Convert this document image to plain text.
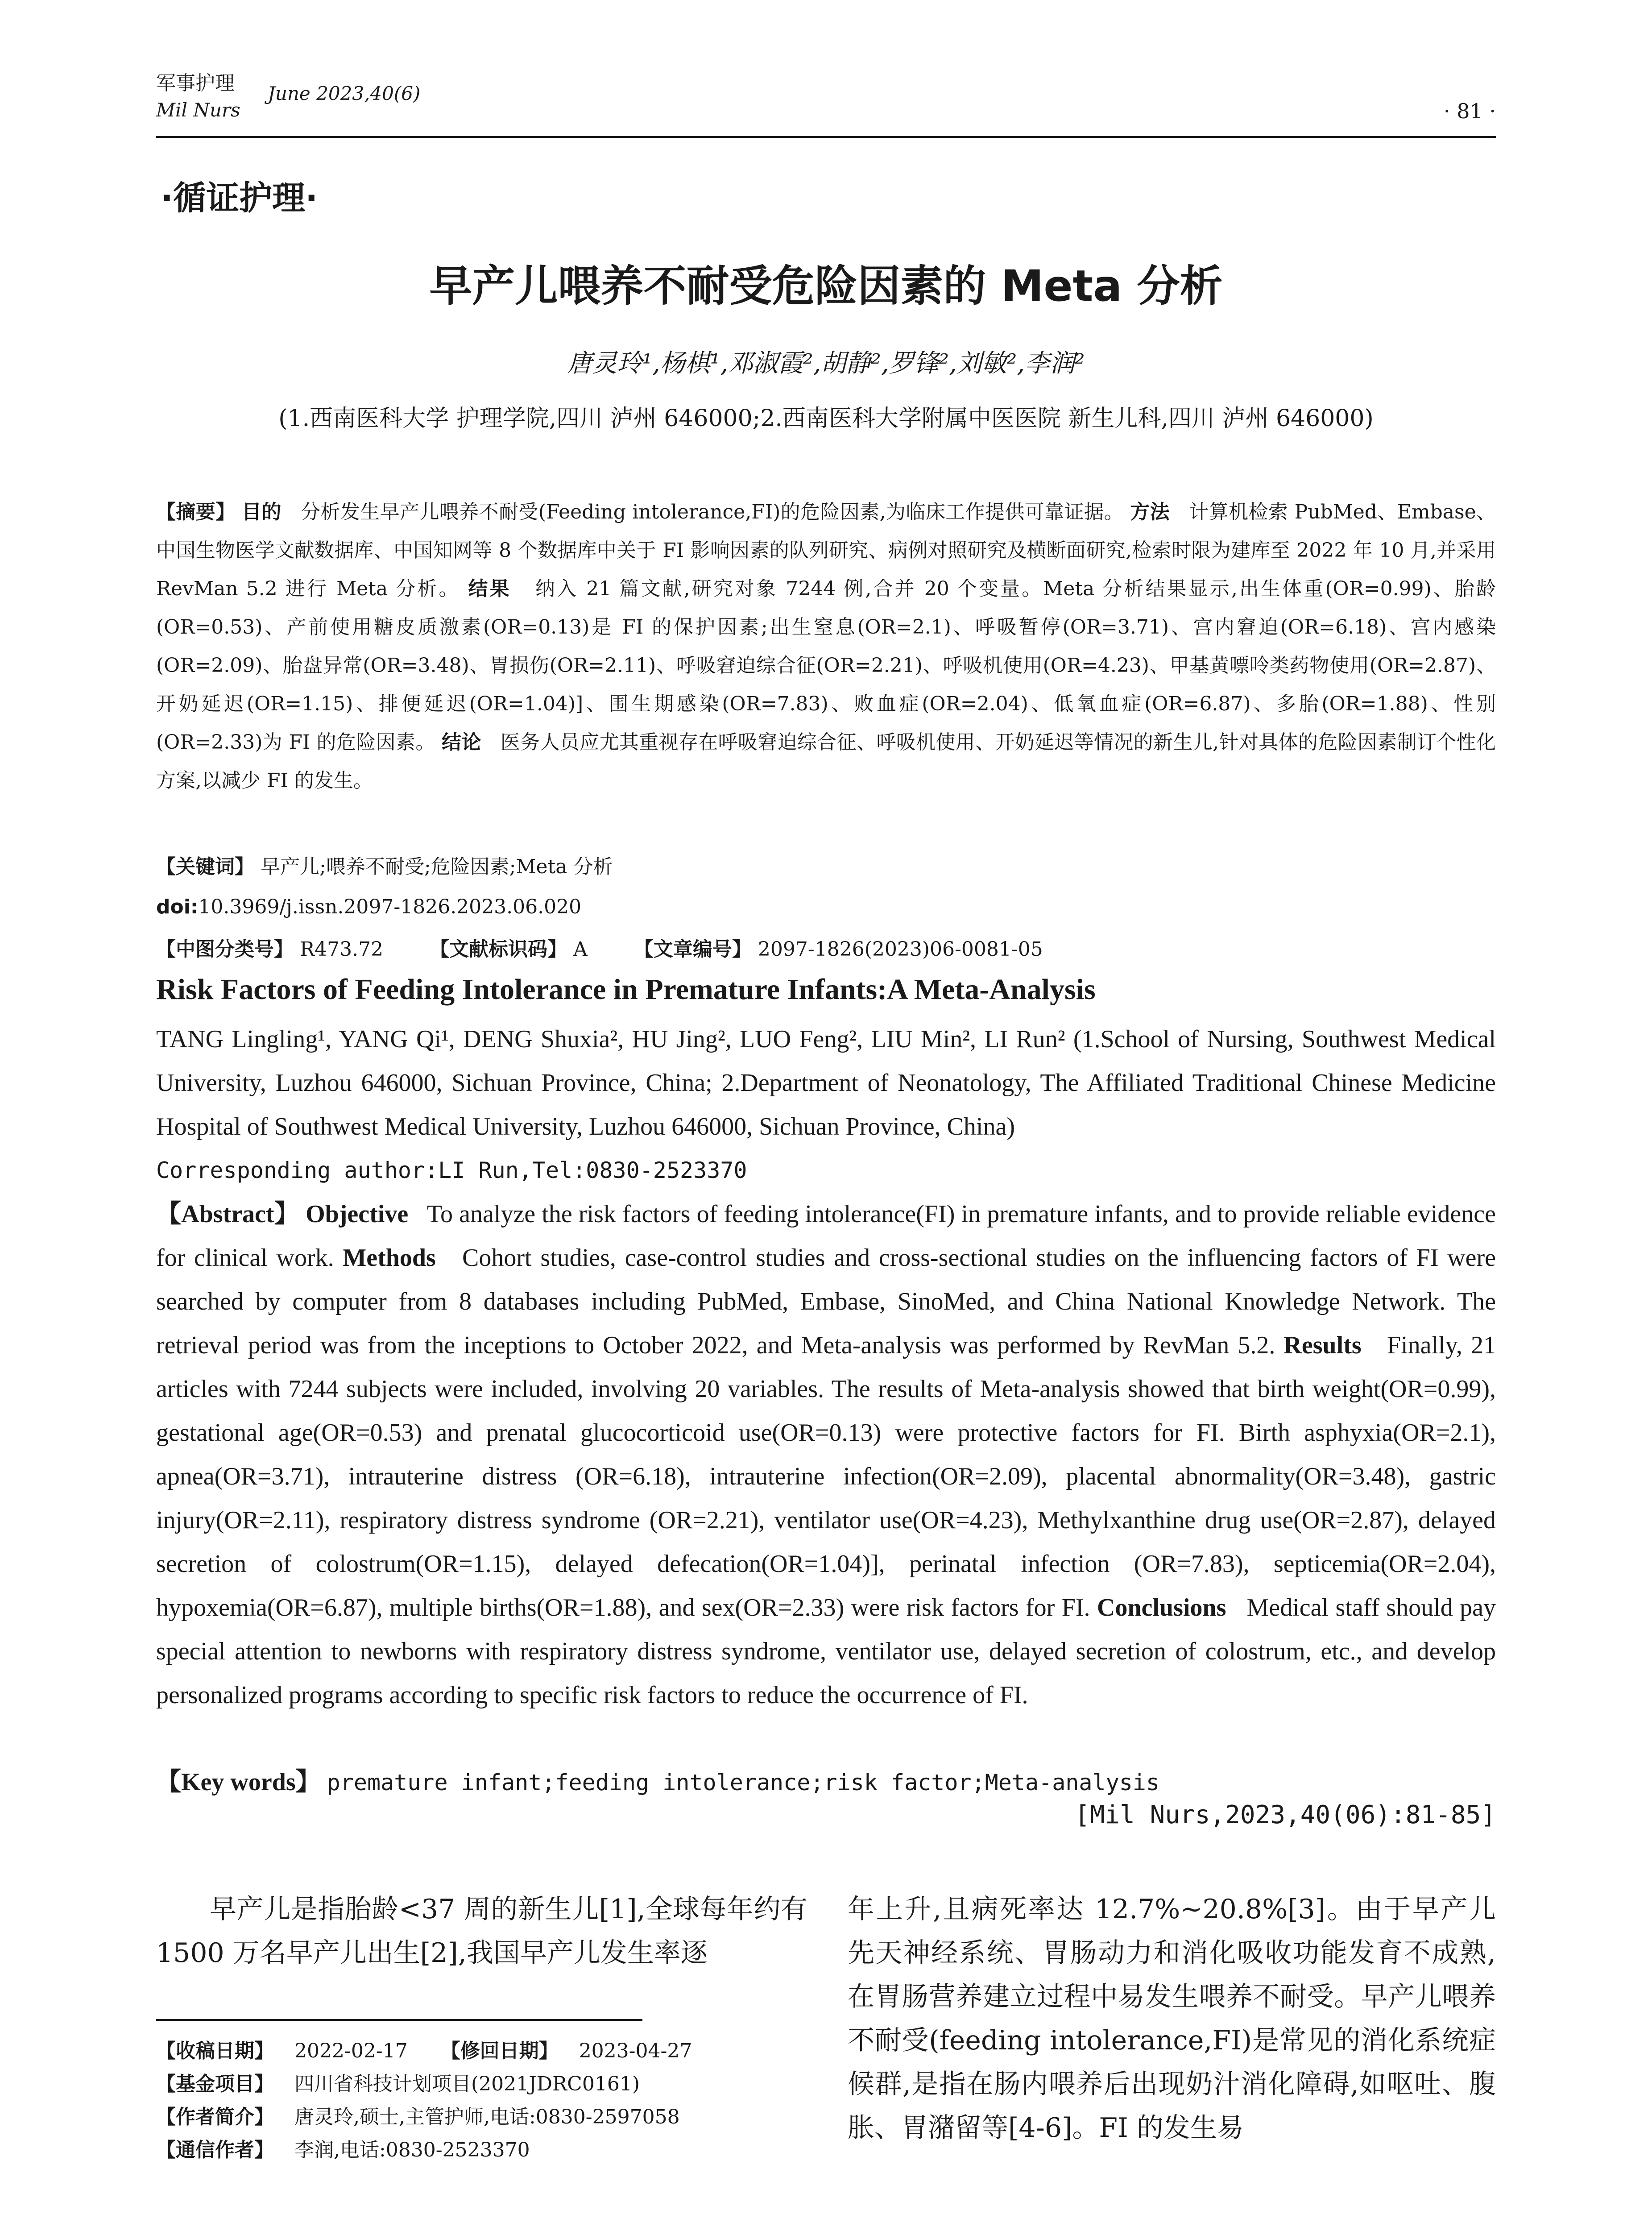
军事护理
Mil Nurs
June 2023,40(6)
· 81 ·
·循证护理·
早产儿喂养不耐受危险因素的 Meta 分析
唐灵玲¹,杨棋¹,邓淑霞²,胡静²,罗锋²,刘敏²,李润²
(1.西南医科大学 护理学院,四川 泸州 646000;2.西南医科大学附属中医医院 新生儿科,四川 泸州 646000)
【摘要】 目的 分析发生早产儿喂养不耐受(Feeding intolerance,FI)的危险因素,为临床工作提供可靠证据。 方法 计算机检索 PubMed、Embase、中国生物医学文献数据库、中国知网等 8 个数据库中关于 FI 影响因素的队列研究、病例对照研究及横断面研究,检索时限为建库至 2022 年 10 月,并采用 RevMan 5.2 进行 Meta 分析。 结果 纳入 21 篇文献,研究对象 7244 例,合并 20 个变量。Meta 分析结果显示,出生体重(OR=0.99)、胎龄(OR=0.53)、产前使用糖皮质激素(OR=0.13)是 FI 的保护因素;出生窒息(OR=2.1)、呼吸暂停(OR=3.71)、宫内窘迫(OR=6.18)、宫内感染(OR=2.09)、胎盘异常(OR=3.48)、胃损伤(OR=2.11)、呼吸窘迫综合征(OR=2.21)、呼吸机使用(OR=4.23)、甲基黄嘌呤类药物使用(OR=2.87)、开奶延迟(OR=1.15)、排便延迟(OR=1.04)]、围生期感染(OR=7.83)、败血症(OR=2.04)、低氧血症(OR=6.87)、多胎(OR=1.88)、性别(OR=2.33)为 FI 的危险因素。 结论 医务人员应尤其重视存在呼吸窘迫综合征、呼吸机使用、开奶延迟等情况的新生儿,针对具体的危险因素制订个性化方案,以减少 FI 的发生。
【关键词】 早产儿;喂养不耐受;危险因素;Meta 分析
doi:10.3969/j.issn.2097-1826.2023.06.020
【中图分类号】 R473.72 【文献标识码】 A 【文章编号】 2097-1826(2023)06-0081-05
Risk Factors of Feeding Intolerance in Premature Infants:A Meta-Analysis
TANG Lingling¹, YANG Qi¹, DENG Shuxia², HU Jing², LUO Feng², LIU Min², LI Run² (1.School of Nursing, Southwest Medical University, Luzhou 646000, Sichuan Province, China; 2.Department of Neonatology, The Affiliated Traditional Chinese Medicine Hospital of Southwest Medical University, Luzhou 646000, Sichuan Province, China)
Corresponding author:LI Run,Tel:0830-2523370
【Abstract】 Objective To analyze the risk factors of feeding intolerance(FI) in premature infants, and to provide reliable evidence for clinical work. Methods Cohort studies, case-control studies and cross-sectional studies on the influencing factors of FI were searched by computer from 8 databases including PubMed, Embase, SinoMed, and China National Knowledge Network. The retrieval period was from the inceptions to October 2022, and Meta-analysis was performed by RevMan 5.2. Results Finally, 21 articles with 7244 subjects were included, involving 20 variables. The results of Meta-analysis showed that birth weight(OR=0.99), gestational age(OR=0.53) and prenatal glucocorticoid use(OR=0.13) were protective factors for FI. Birth asphyxia(OR=2.1), apnea(OR=3.71), intrauterine distress (OR=6.18), intrauterine infection(OR=2.09), placental abnormality(OR=3.48), gastric injury(OR=2.11), respiratory distress syndrome (OR=2.21), ventilator use(OR=4.23), Methylxanthine drug use(OR=2.87), delayed secretion of colostrum(OR=1.15), delayed defecation(OR=1.04)], perinatal infection (OR=7.83), septicemia(OR=2.04), hypoxemia(OR=6.87), multiple births(OR=1.88), and sex(OR=2.33) were risk factors for FI. Conclusions Medical staff should pay special attention to newborns with respiratory distress syndrome, ventilator use, delayed secretion of colostrum, etc., and develop personalized programs according to specific risk factors to reduce the occurrence of FI.
【Key words】 premature infant;feeding intolerance;risk factor;Meta-analysis
[Mil Nurs,2023,40(06):81-85]
早产儿是指胎龄<37 周的新生儿[1],全球每年约有 1500 万名早产儿出生[2],我国早产儿发生率逐
年上升,且病死率达 12.7%~20.8%[3]。由于早产儿先天神经系统、胃肠动力和消化吸收功能发育不成熟,在胃肠营养建立过程中易发生喂养不耐受。早产儿喂养不耐受(feeding intolerance,FI)是常见的消化系统症候群,是指在肠内喂养后出现奶汁消化障碍,如呕吐、腹胀、胃潴留等[4-6]。FI 的发生易
【收稿日期】 2022-02-17 【修回日期】 2023-04-27
【基金项目】 四川省科技计划项目(2021JDRC0161)
【作者简介】 唐灵玲,硕士,主管护师,电话:0830-2597058
【通信作者】 李润,电话:0830-2523370
